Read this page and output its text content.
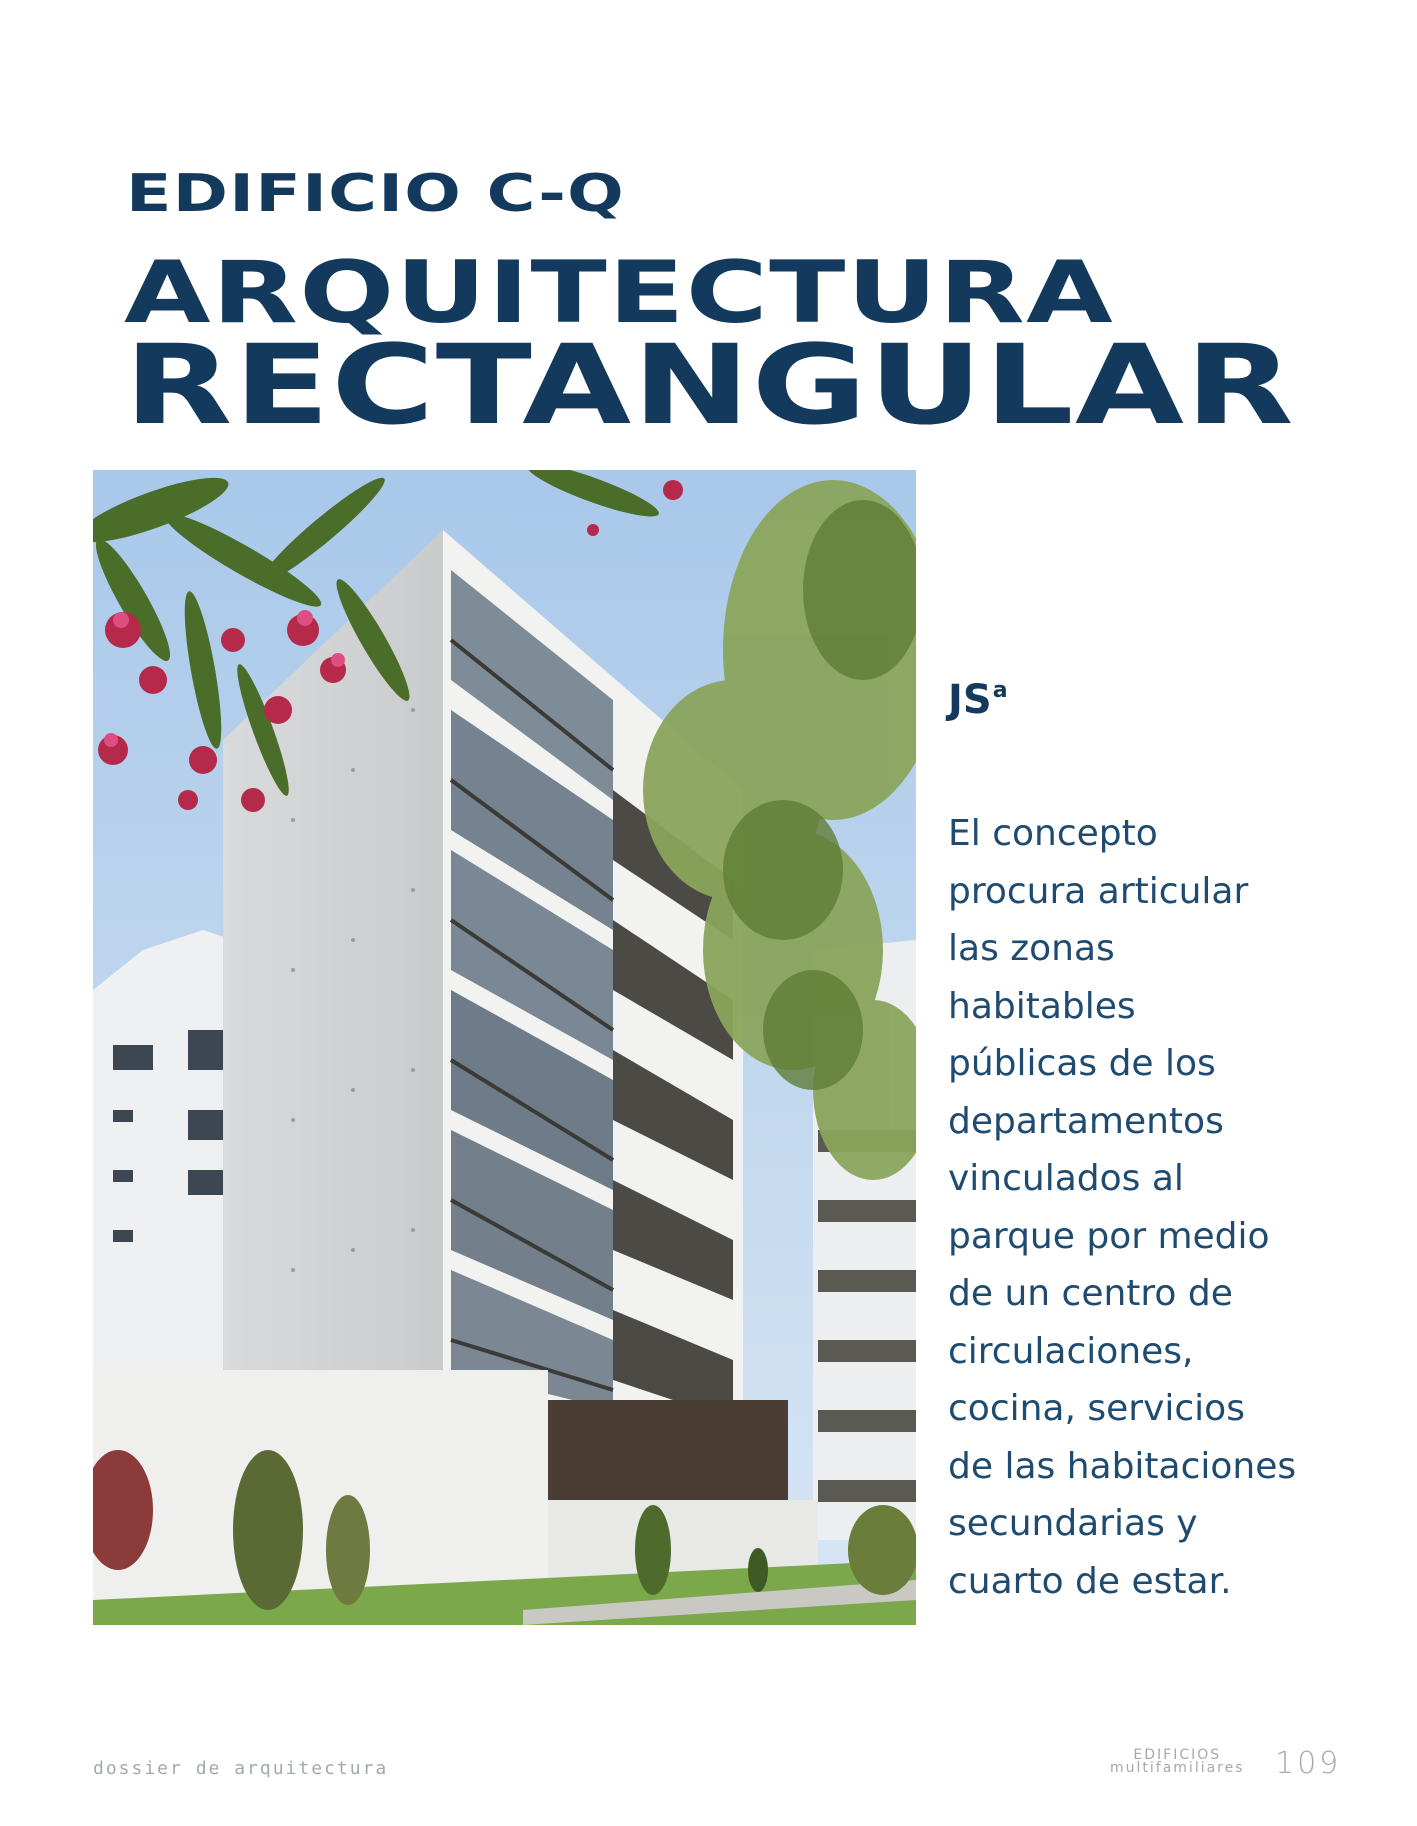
EDIFICIO C-Q
ARQUITECTURA
RECTANGULAR
$JS^a$
El concepto
procura articular
las zonas
habitables
públicas de los
departamentos
vinculados al
parque por medio
de un centro de
circulaciones,
cocina, servicios
de las habitaciones
secundarias y
cuarto de estar.
dossier de arquitectura
EDIFICIOS
multifamiliares 109
